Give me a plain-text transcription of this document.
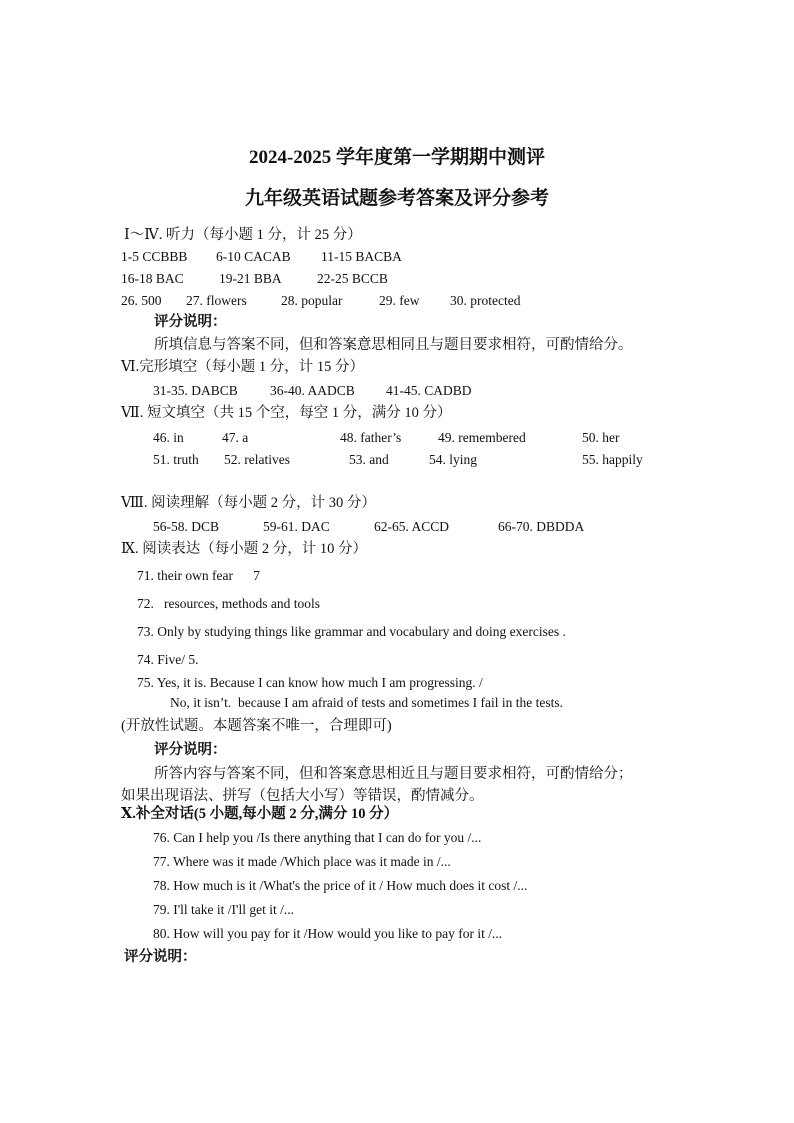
2024-2025 学年度第一学期期中测评
九年级英语试题参考答案及评分参考
Ⅰ～Ⅳ. 听力（每小题 1 分，计 25 分）
1-5 CCBBB 6-10 CACAB 11-15 BACBA
16-18 BAC	19-21 BBA	22-25 BCCB
26. 500 27. flowers	28. popular	29. few 30. protected
评分说明：
所填信息与答案不同，但和答案意思相同且与题目要求相符，可酌情给分。
Ⅵ.完形填空（每小题 1 分，计 15 分）
31-35. DABCB 36-40. AADCB 41-45. CADBD
Ⅶ. 短文填空（共 15 个空，每空 1 分，满分 10 分）
46. in	47. a	48. father’s	49. remembered	50. her
51. truth 52. relatives	53. and	54. lying	55. happily
Ⅷ. 阅读理解（每小题 2 分，计 30 分）
56-58. DCB	59-61. DAC	62-65. ACCD	66-70. DBDDA
Ⅸ. 阅读表达（每小题 2 分，计 10 分）
71. their own fear      7
72.   resources, methods and tools
73. Only by studying things like grammar and vocabulary and doing exercises .
74. Five/ 5.
75. Yes, it is. Because I can know how much I am progressing. /
No, it isn’t.  because I am afraid of tests and sometimes I fail in the tests.
(开放性试题。本题答案不唯一，合理即可)
评分说明：
所答内容与答案不同，但和答案意思相近且与题目要求相符，可酌情给分；
如果出现语法、拼写（包括大小写）等错误，酌情减分。
Ⅹ.补全对话(5 小题,每小题 2 分,满分 10 分）
76. Can I help you /Is there anything that I can do for you /...
77. Where was it made /Which place was it made in /...
78. How much is it /What's the price of it / How much does it cost /...
79. I'll take it /I'll get it /...
80. How will you pay for it /How would you like to pay for it /...
评分说明：
